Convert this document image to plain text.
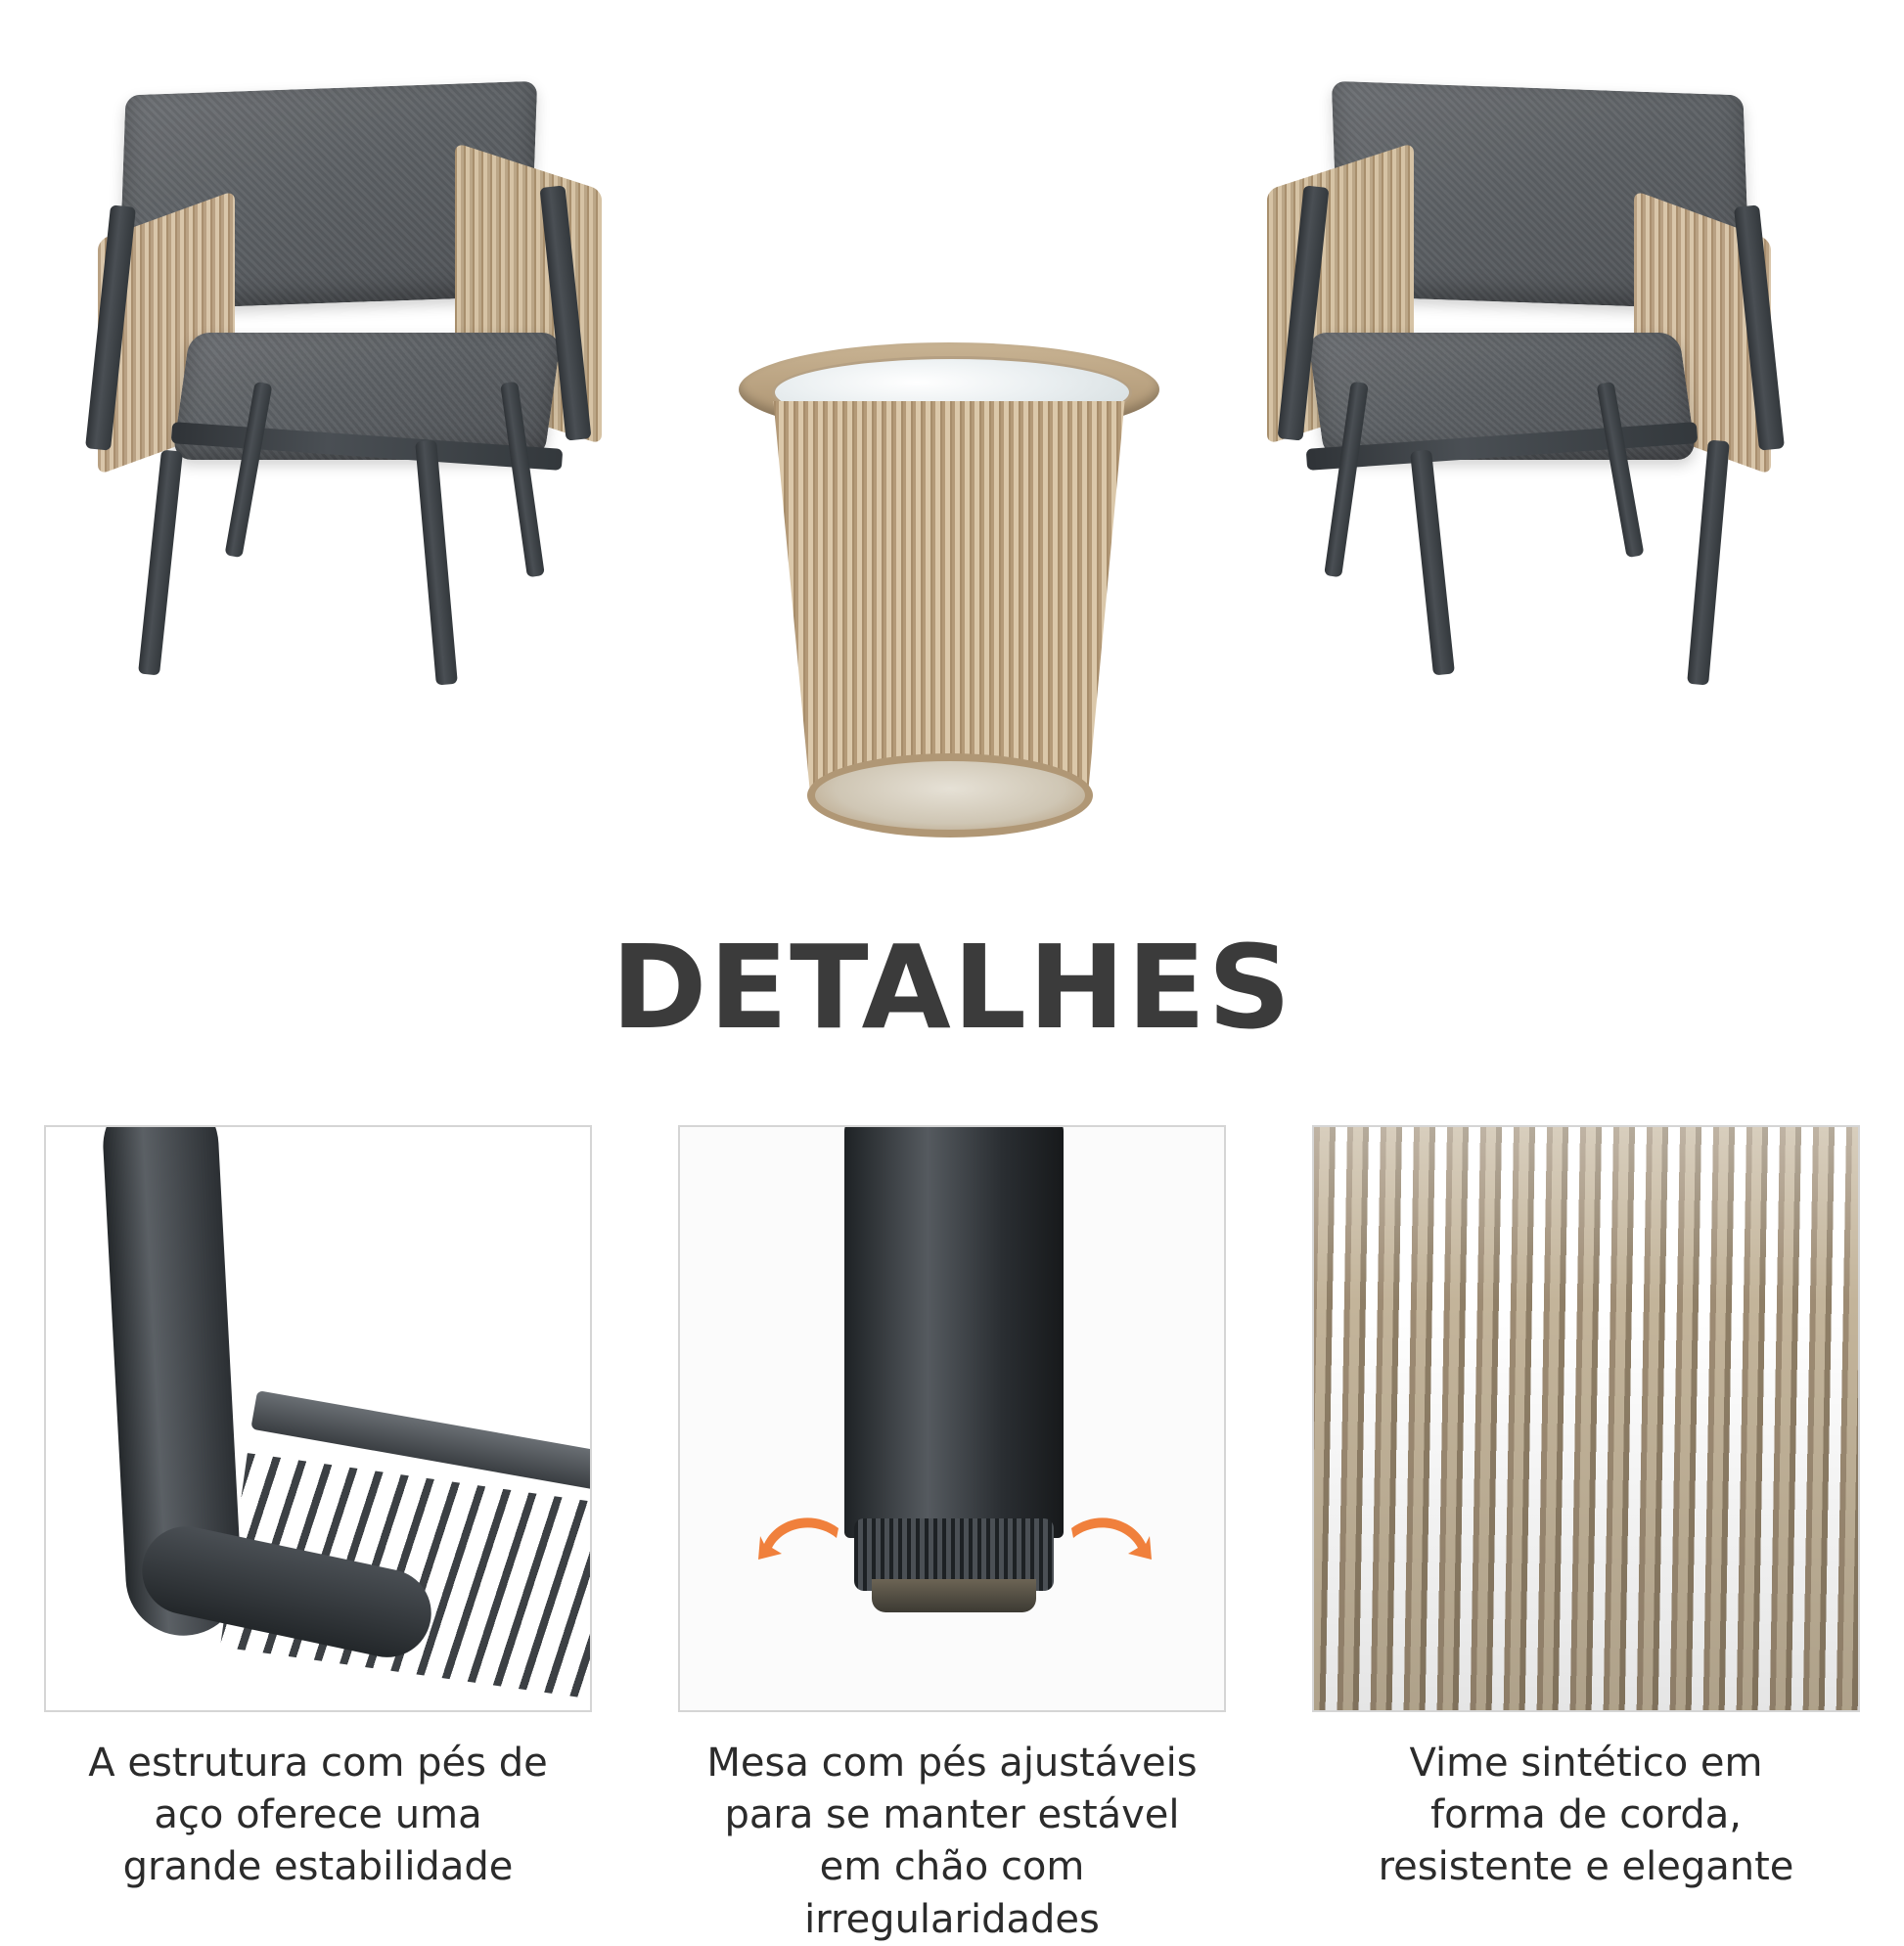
DETALHES
A estrutura com pés de
aço oferece uma
grande estabilidade
Mesa com pés ajustáveis
para se manter estável
em chão com irregularidades
Vime sintético em
forma de corda,
resistente e elegante
